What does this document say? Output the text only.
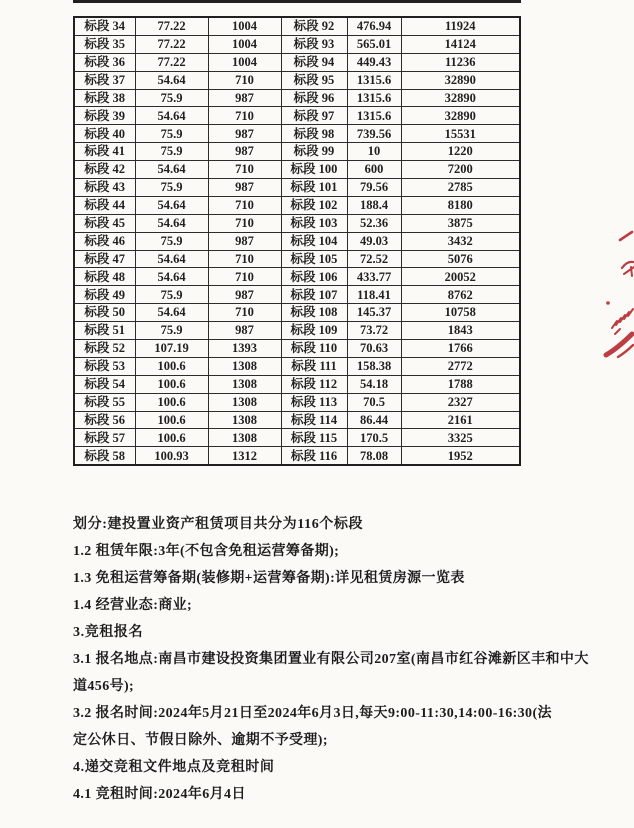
标段 34	77.22	1004	标段 92	476.94	11924
标段 35	77.22	1004	标段 93	565.01	14124
标段 36	77.22	1004	标段 94	449.43	11236
标段 37	54.64	710	标段 95	1315.6	32890
标段 38	75.9	987	标段 96	1315.6	32890
标段 39	54.64	710	标段 97	1315.6	32890
标段 40	75.9	987	标段 98	739.56	15531
标段 41	75.9	987	标段 99	10	1220
标段 42	54.64	710	标段 100	600	7200
标段 43	75.9	987	标段 101	79.56	2785
标段 44	54.64	710	标段 102	188.4	8180
标段 45	54.64	710	标段 103	52.36	3875
标段 46	75.9	987	标段 104	49.03	3432
标段 47	54.64	710	标段 105	72.52	5076
标段 48	54.64	710	标段 106	433.77	20052
标段 49	75.9	987	标段 107	118.41	8762
标段 50	54.64	710	标段 108	145.37	10758
标段 51	75.9	987	标段 109	73.72	1843
标段 52	107.19	1393	标段 110	70.63	1766
标段 53	100.6	1308	标段 111	158.38	2772
标段 54	100.6	1308	标段 112	54.18	1788
标段 55	100.6	1308	标段 113	70.5	2327
标段 56	100.6	1308	标段 114	86.44	2161
标段 57	100.6	1308	标段 115	170.5	3325
标段 58	100.93	1312	标段 116	78.08	1952

划分:建投置业资产租赁项目共分为116个标段

1.2 租赁年限:3年(不包含免租运营筹备期);

1.3 免租运营筹备期(装修期+运营筹备期):详见租赁房源一览表

1.4 经营业态:商业;

3.竞租报名

3.1 报名地点:南昌市建设投资集团置业有限公司207室(南昌市红谷滩新区丰和中大

道456号);

3.2 报名时间:2024年5月21日至2024年6月3日,每天9:00-11:30,14:00-16:30(法

定公休日、节假日除外、逾期不予受理);

4.递交竞租文件地点及竞租时间

4.1 竞租时间:2024年6月4日
